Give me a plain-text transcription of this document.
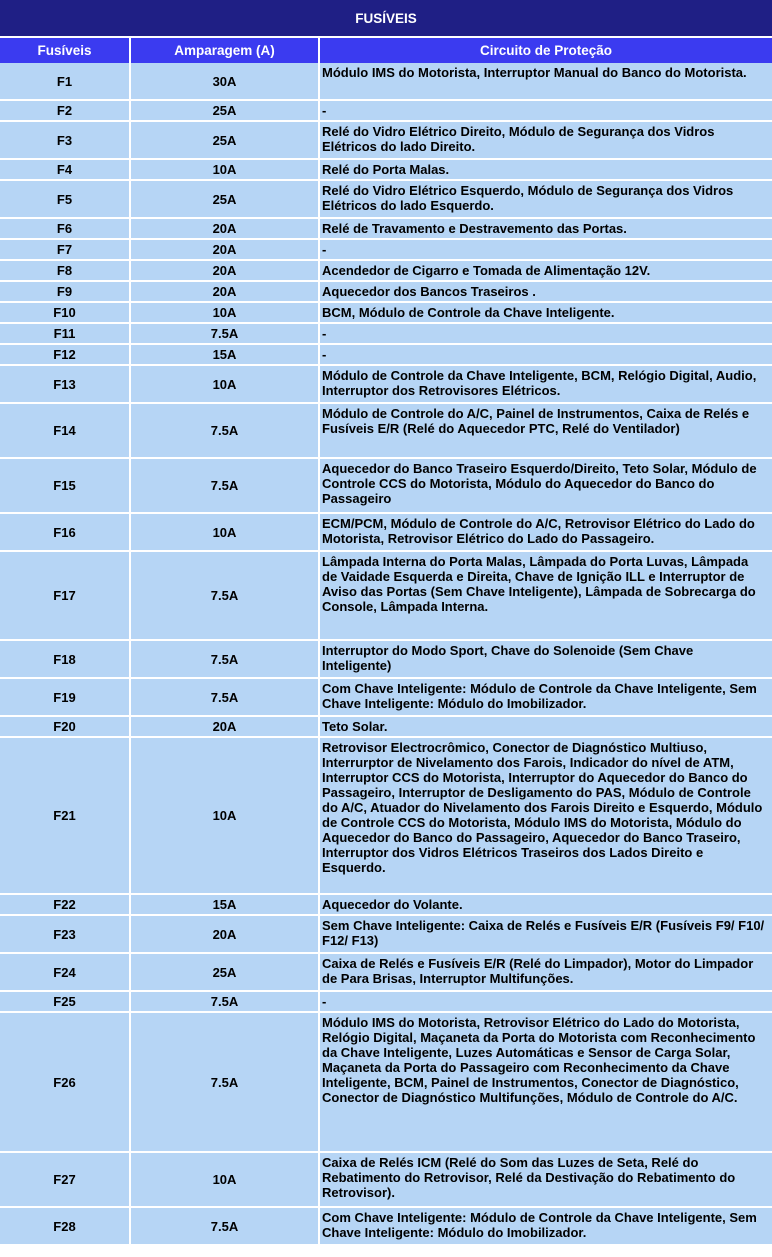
FUSÍVEIS		
Fusíveis	Amparagem (A)	Circuito de Proteção
F1	30A	Módulo IMS do Motorista, Interruptor Manual do Banco do Motorista.
F2	25A	-
F3	25A	Relé do Vidro Elétrico Direito, Módulo de Segurança dos Vidros Elétricos do lado Direito.
F4	10A	Relé do Porta Malas.
F5	25A	Relé do Vidro Elétrico Esquerdo, Módulo de Segurança dos Vidros Elétricos do lado Esquerdo.
F6	20A	Relé de Travamento e Destravemento das Portas.
F7	20A	-
F8	20A	Acendedor de Cigarro e Tomada de Alimentação 12V.
F9	20A	Aquecedor dos Bancos Traseiros .
F10	10A	BCM, Módulo de Controle da Chave Inteligente.
F11	7.5A	-
F12	15A	-
F13	10A	Módulo de Controle da Chave Inteligente, BCM, Relógio Digital, Audio, Interruptor dos Retrovisores Elétricos.
F14	7.5A	Módulo de Controle do A/C, Painel de Instrumentos, Caixa de Relés e Fusíveis E/R (Relé do Aquecedor PTC, Relé do Ventilador)
F15	7.5A	Aquecedor do Banco Traseiro Esquerdo/Direito, Teto Solar, Módulo de Controle CCS do Motorista, Módulo do Aquecedor do Banco do Passageiro
F16	10A	ECM/PCM, Módulo de Controle do A/C, Retrovisor Elétrico do Lado do Motorista, Retrovisor Elétrico do Lado do Passageiro.
F17	7.5A	Lâmpada Interna do Porta Malas, Lâmpada do Porta Luvas, Lâmpada de Vaidade Esquerda e Direita, Chave de Ignição ILL e Interruptor de Aviso das Portas (Sem Chave Inteligente), Lâmpada de Sobrecarga do Console, Lâmpada Interna.
F18	7.5A	Interruptor do Modo Sport, Chave do Solenoide (Sem Chave Inteligente)
F19	7.5A	Com Chave Inteligente: Módulo de Controle da Chave Inteligente, Sem Chave Inteligente: Módulo do Imobilizador.
F20	20A	Teto Solar.
F21	10A	Retrovisor Electrocrômico, Conector de Diagnóstico Multiuso, Interrurptor de Nivelamento dos Farois, Indicador do nível de ATM, Interruptor CCS do Motorista, Interruptor do Aquecedor do Banco do Passageiro, Interruptor de Desligamento do PAS, Módulo de Controle do A/C, Atuador do Nivelamento dos Farois Direito e Esquerdo, Módulo de Controle CCS do Motorista, Módulo IMS do Motorista, Módulo do Aquecedor do Banco do Passageiro, Aquecedor do Banco Traseiro, Interruptor dos Vidros Elétricos Traseiros dos Lados Direito e Esquerdo.
F22	15A	Aquecedor do Volante.
F23	20A	Sem Chave Inteligente: Caixa de Relés e Fusíveis E/R (Fusíveis F9/ F10/ F12/ F13)
F24	25A	Caixa de Relés e Fusíveis E/R (Relé do Limpador), Motor do Limpador de Para Brisas, Interruptor Multifunções.
F25	7.5A	-
F26	7.5A	Módulo IMS do Motorista, Retrovisor Elétrico do Lado do Motorista, Relógio Digital, Maçaneta da Porta do Motorista com Reconhecimento da Chave Inteligente, Luzes Automáticas e Sensor de Carga Solar, Maçaneta da Porta do Passageiro com Reconhecimento da Chave Inteligente, BCM, Painel de Instrumentos, Conector de Diagnóstico, Conector de Diagnóstico Multifunções, Módulo de Controle do A/C.
F27	10A	Caixa de Relés ICM (Relé do Som das Luzes de Seta, Relé do Rebatimento do Retrovisor, Relé da Destivação do Rebatimento do Retrovisor).
F28	7.5A	Com Chave Inteligente: Módulo de Controle da Chave Inteligente, Sem Chave Inteligente: Módulo do Imobilizador.
